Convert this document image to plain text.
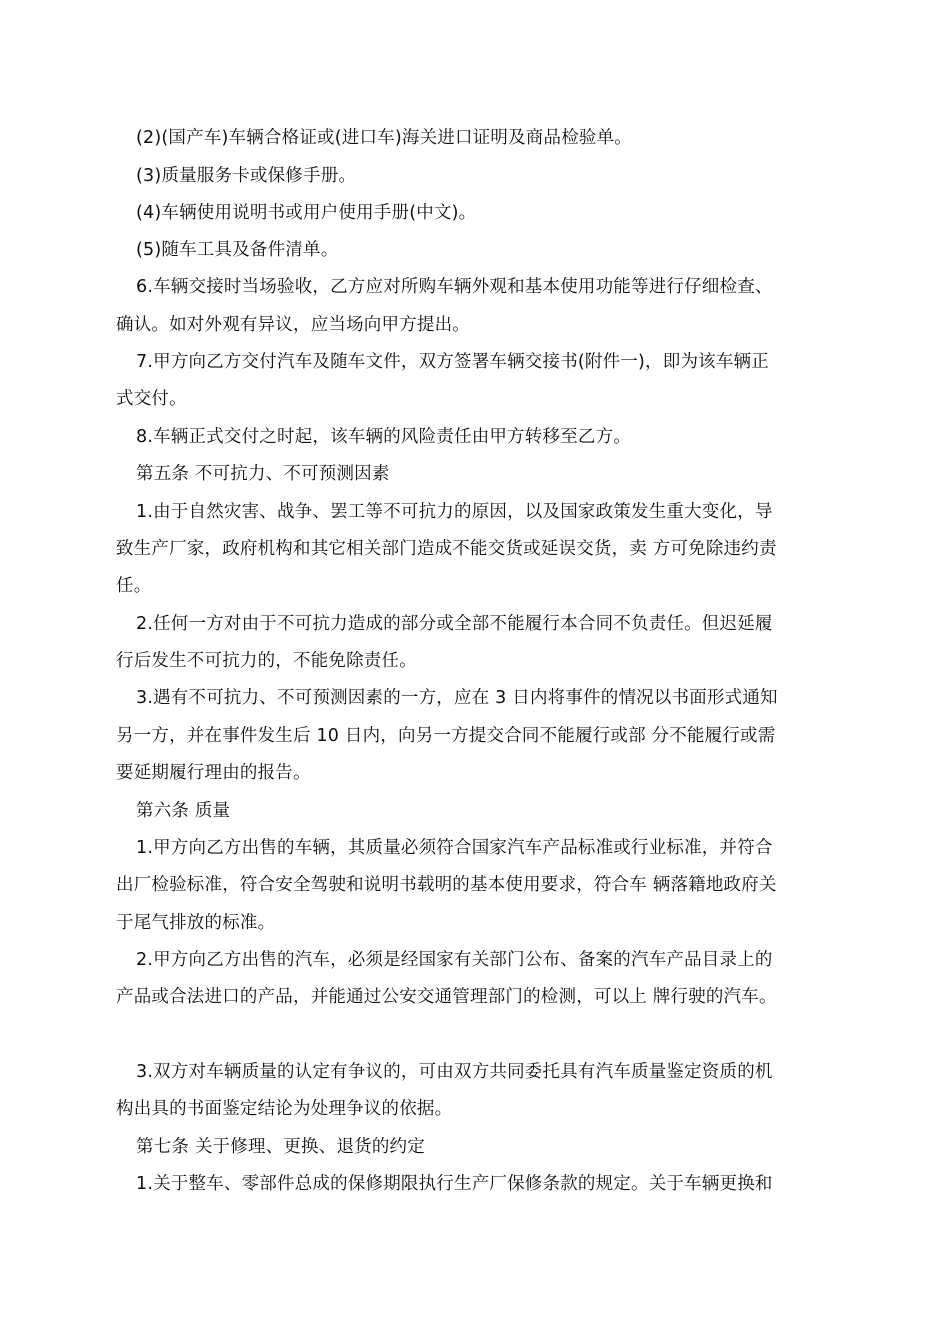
(2)(国产车)车辆合格证或(进口车)海关进口证明及商品检验单。
(3)质量服务卡或保修手册。
(4)车辆使用说明书或用户使用手册(中文)。
(5)随车工具及备件清单。
6.车辆交接时当场验收，乙方应对所购车辆外观和基本使用功能等进行仔细检查、
确认。如对外观有异议，应当场向甲方提出。
7.甲方向乙方交付汽车及随车文件，双方签署车辆交接书(附件一)，即为该车辆正
式交付。
8.车辆正式交付之时起，该车辆的风险责任由甲方转移至乙方。
第五条 不可抗力、不可预测因素
1.由于自然灾害、战争、罢工等不可抗力的原因，以及国家政策发生重大变化，导
致生产厂家，政府机构和其它相关部门造成不能交货或延误交货，卖 方可免除违约责
任。
2.任何一方对由于不可抗力造成的部分或全部不能履行本合同不负责任。但迟延履
行后发生不可抗力的，不能免除责任。
3.遇有不可抗力、不可预测因素的一方，应在 3 日内将事件的情况以书面形式通知
另一方，并在事件发生后 10 日内，向另一方提交合同不能履行或部 分不能履行或需
要延期履行理由的报告。
第六条 质量
1.甲方向乙方出售的车辆，其质量必须符合国家汽车产品标准或行业标准，并符合
出厂检验标准，符合安全驾驶和说明书载明的基本使用要求，符合车 辆落籍地政府关
于尾气排放的标准。
2.甲方向乙方出售的汽车，必须是经国家有关部门公布、备案的汽车产品目录上的
产品或合法进口的产品，并能通过公安交通管理部门的检测，可以上 牌行驶的汽车。
3.双方对车辆质量的认定有争议的，可由双方共同委托具有汽车质量鉴定资质的机
构出具的书面鉴定结论为处理争议的依据。
第七条 关于修理、更换、退货的约定
1.关于整车、零部件总成的保修期限执行生产厂保修条款的规定。关于车辆更换和
